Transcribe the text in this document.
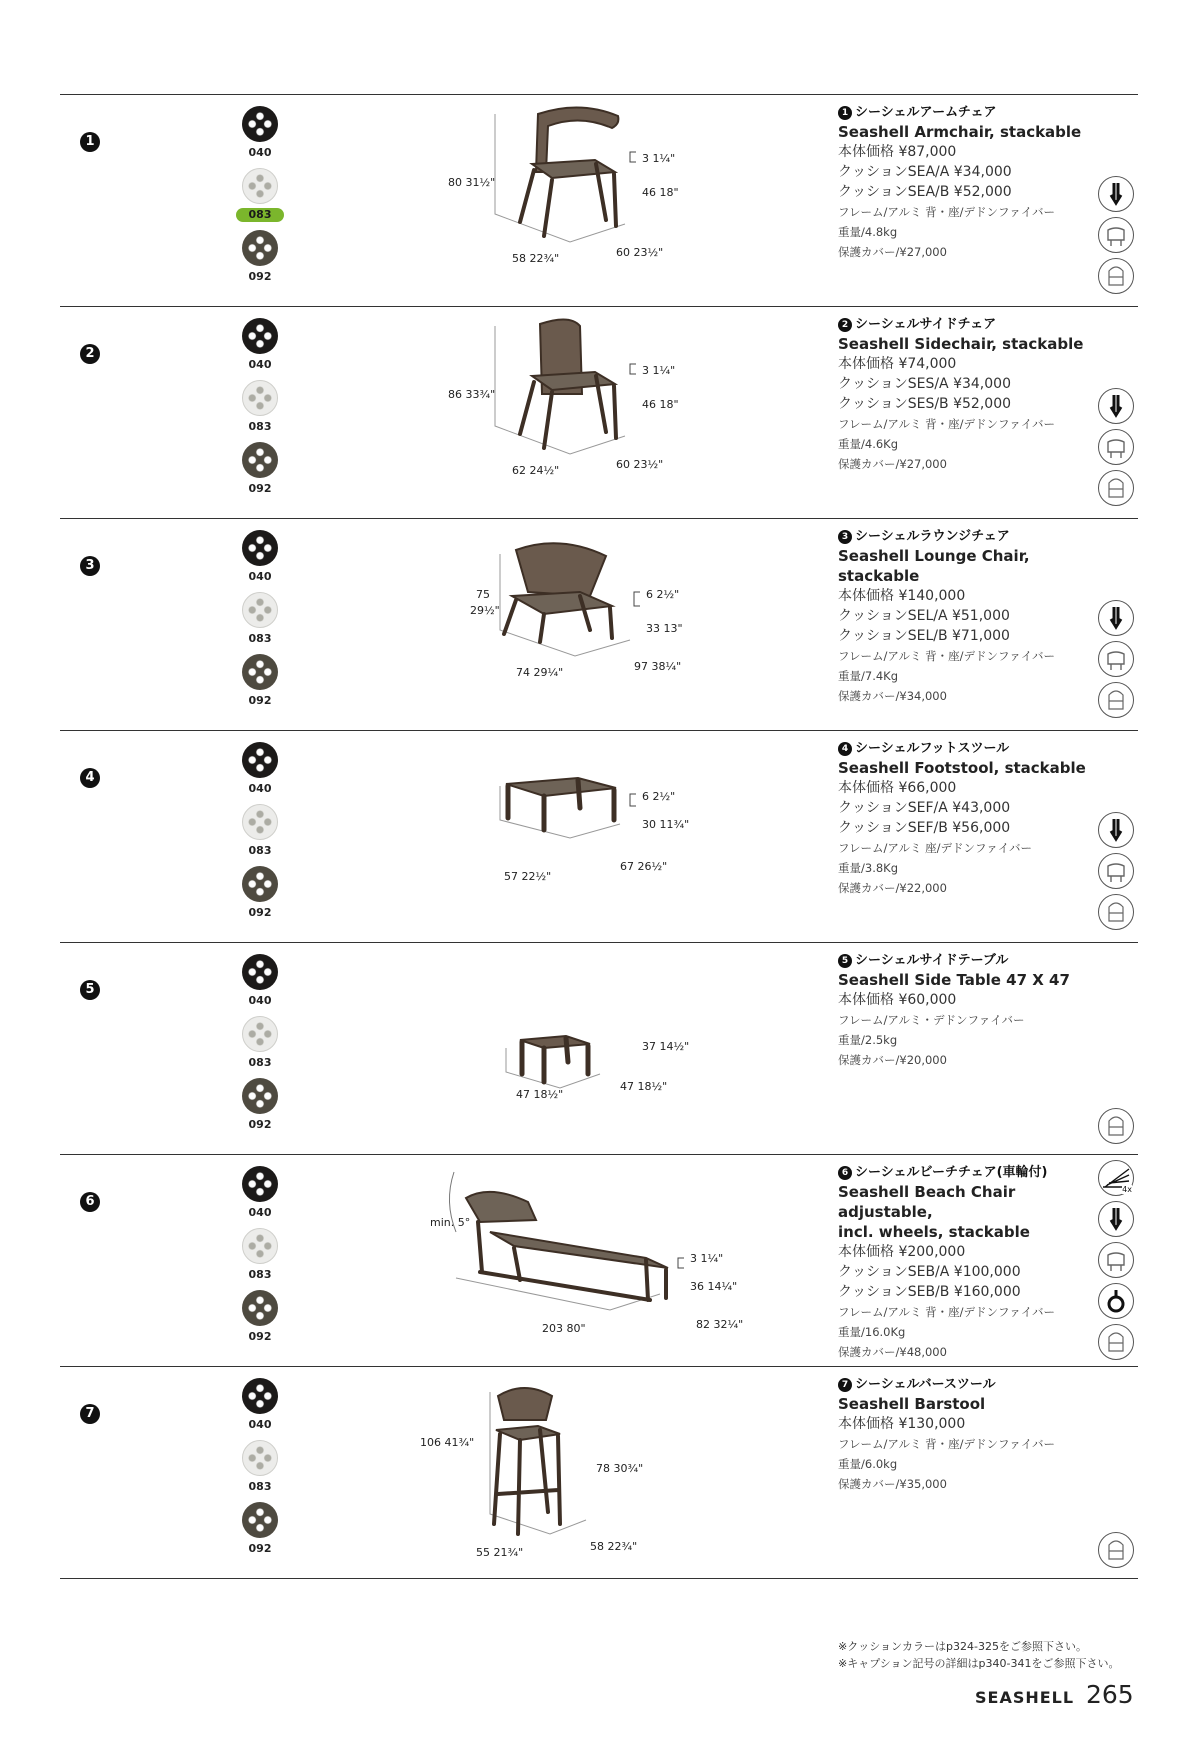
1
040
083
092
80 31½"
3 1¼"
46 18"
60 23½"
58 22¾"
1 シーシェルアームチェア
Seashell Armchair, stackable
本体価格 ¥87,000
クッションSEA/A ¥34,000
クッションSEA/B ¥52,000
フレーム/アルミ 背・座/デドンファイバー
重量/4.8kg
保護カバー/¥27,000
2
040
083
092
86 33¾"
3 1¼"
46 18"
60 23½"
62 24½"
2 シーシェルサイドチェア
Seashell Sidechair, stackable
本体価格 ¥74,000
クッションSES/A ¥34,000
クッションSES/B ¥52,000
フレーム/アルミ 背・座/デドンファイバー
重量/4.6Kg
保護カバー/¥27,000
3
040
083
092
75
29½"
6 2½"
33 13"
97 38¼"
74 29¼"
3 シーシェルラウンジチェア
Seashell Lounge Chair, stackable
本体価格 ¥140,000
クッションSEL/A ¥51,000
クッションSEL/B ¥71,000
フレーム/アルミ 背・座/デドンファイバー
重量/7.4Kg
保護カバー/¥34,000
4
040
083
092
6 2½"
30 11¾"
67 26½"
57 22½"
4 シーシェルフットスツール
Seashell Footstool, stackable
本体価格 ¥66,000
クッションSEF/A ¥43,000
クッションSEF/B ¥56,000
フレーム/アルミ 座/デドンファイバー
重量/3.8Kg
保護カバー/¥22,000
5
040
083
092
37 14½"
47 18½"
47 18½"
5 シーシェルサイドテーブル
Seashell Side Table 47 X 47
本体価格 ¥60,000
フレーム/アルミ・デドンファイバー
重量/2.5kg
保護カバー/¥20,000
6
040
083
092
min. 5°
3 1¼"
36 14¼"
82 32¼"
203 80"
6 シーシェルビーチチェア(車輪付)
Seashell Beach Chair adjustable,
incl. wheels, stackable
本体価格 ¥200,000
クッションSEB/A ¥100,000
クッションSEB/B ¥160,000
フレーム/アルミ 背・座/デドンファイバー
重量/16.0Kg
保護カバー/¥48,000
4x
7
040
083
092
106 41¾"
78 30¾"
58 22¾"
55 21¾"
7 シーシェルバースツール
Seashell Barstool
本体価格 ¥130,000
フレーム/アルミ 背・座/デドンファイバー
重量/6.0kg
保護カバー/¥35,000
※クッションカラーはp324-325をご参照下さい。
※キャプション記号の詳細はp340-341をご参照下さい。
SEASHELL 265
